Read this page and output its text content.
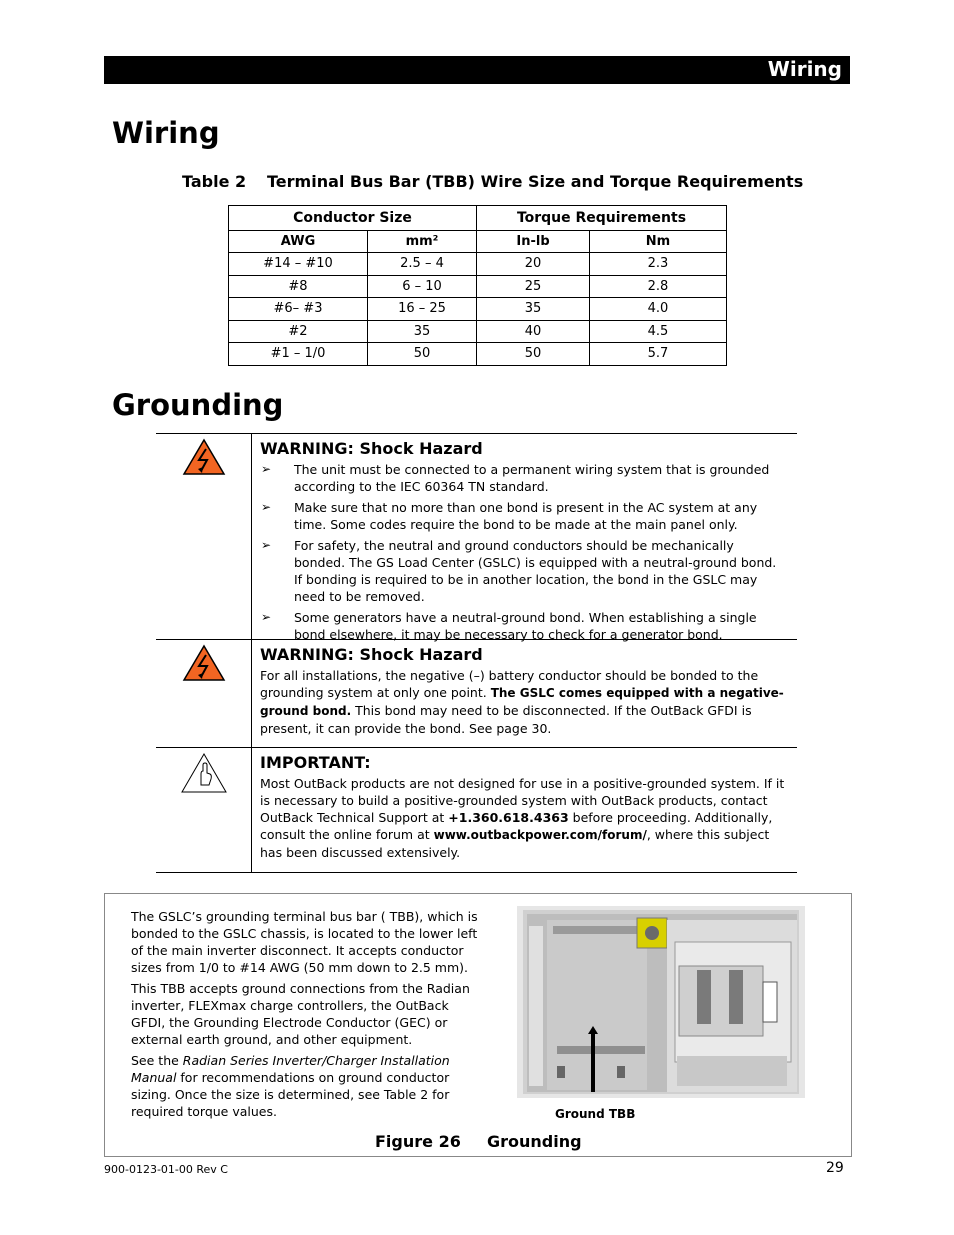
Wiring
Wiring
Table 2 Terminal Bus Bar (TBB) Wire Size and Torque Requirements
Conductor Size		Torque Requirements	
AWG	mm²	In-lb	Nm
#14 – #10	2.5 – 4	20	2.3
#8	6 – 10	25	2.8
#6– #3	16 – 25	35	4.0
#2	35	40	4.5
#1 – 1/0	50	50	5.7
Grounding
WARNING: Shock Hazard
➢ The unit must be connected to a permanent wiring system that is grounded according to the IEC 60364 TN standard.
➢ Make sure that no more than one bond is present in the AC system at any time. Some codes require the bond to be made at the main panel only.
➢ For safety, the neutral and ground conductors should be mechanically bonded. The GS Load Center (GSLC) is equipped with a neutral-ground bond. If bonding is required to be in another location, the bond in the GSLC may need to be removed.
➢ Some generators have a neutral-ground bond. When establishing a single bond elsewhere, it may be necessary to check for a generator bond.
WARNING: Shock Hazard
For all installations, the negative (–) battery conductor should be bonded to the grounding system at only one point. The GSLC comes equipped with a negative-ground bond. This bond may need to be disconnected. If the OutBack GFDI is present, it can provide the bond. See page 30.
IMPORTANT:
Most OutBack products are not designed for use in a positive-grounded system. If it is necessary to build a positive-grounded system with OutBack products, contact OutBack Technical Support at +1.360.618.4363 before proceeding. Additionally, consult the online forum at www.outbackpower.com/forum/, where this subject has been discussed extensively.

The GSLC’s grounding terminal bus bar ( TBB), which is bonded to the GSLC chassis, is located to the lower left of the main inverter disconnect. It accepts conductor sizes from 1/0 to #14 AWG (50 mm down to 2.5 mm).

This TBB accepts ground connections from the Radian inverter, FLEXmax charge controllers, the OutBack GFDI, the Grounding Electrode Conductor (GEC) or external earth ground, and other equipment.

See the Radian Series Inverter/Charger Installation Manual for recommendations on ground conductor sizing. Once the size is determined, see Table 2 for required torque values.	Ground TBB
Figure 26 Grounding
900-0123-01-00 Rev C	29
